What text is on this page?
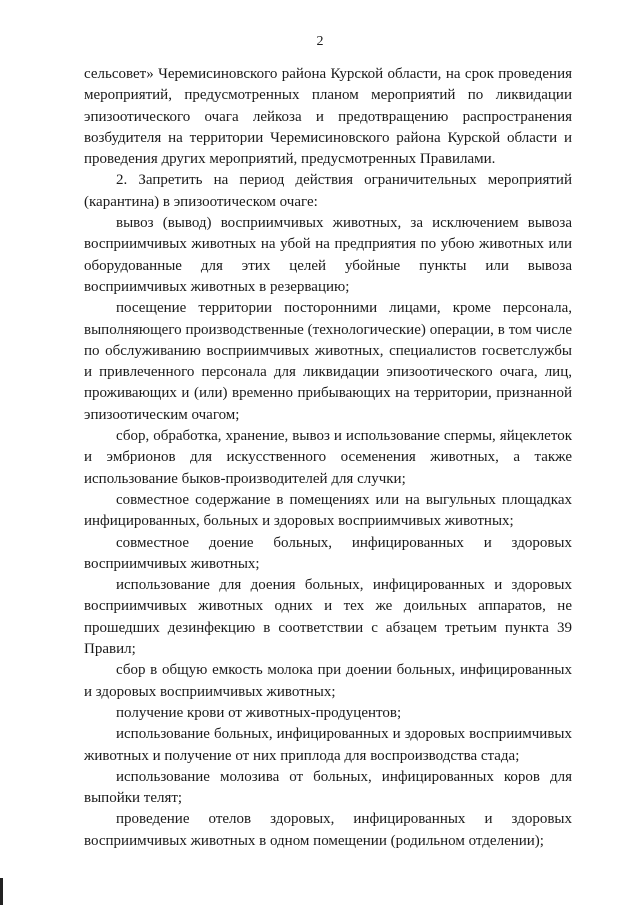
2

сельсовет» Черемисиновского района Курской области, на срок проведения мероприятий, предусмотренных планом мероприятий по ликвидации эпизоотического очага лейкоза и предотвращению распространения возбудителя на территории Черемисиновского района Курской области и проведения других мероприятий, предусмотренных Правилами.

2. Запретить на период действия ограничительных мероприятий (карантина) в эпизоотическом очаге:

вывоз (вывод) восприимчивых животных, за исключением вывоза восприимчивых животных на убой на предприятия по убою животных или оборудованные для этих целей убойные пункты или вывоза восприимчивых животных в резервацию;

посещение территории посторонними лицами, кроме персонала, выполняющего производственные (технологические) операции, в том числе по обслуживанию восприимчивых животных, специалистов госветслужбы и привлеченного персонала для ликвидации эпизоотического очага, лиц, проживающих и (или) временно прибывающих на территории, признанной эпизоотическим очагом;

сбор, обработка, хранение, вывоз и использование спермы, яйцеклеток и эмбрионов для искусственного осеменения животных, а также использование быков-производителей для случки;

совместное содержание в помещениях или на выгульных площадках инфицированных, больных и здоровых восприимчивых животных;

совместное доение больных, инфицированных и здоровых восприимчивых животных;

использование для доения больных, инфицированных и здоровых восприимчивых животных одних и тех же доильных аппаратов, не прошедших дезинфекцию в соответствии с абзацем третьим пункта 39 Правил;

сбор в общую емкость молока при доении больных, инфицированных и здоровых восприимчивых животных;

получение крови от животных-продуцентов;

использование больных, инфицированных и здоровых восприимчивых животных и получение от них приплода для воспроизводства стада;

использование молозива от больных, инфицированных коров для выпойки телят;

проведение отелов здоровых, инфицированных и здоровых восприимчивых животных в одном помещении (родильном отделении);
